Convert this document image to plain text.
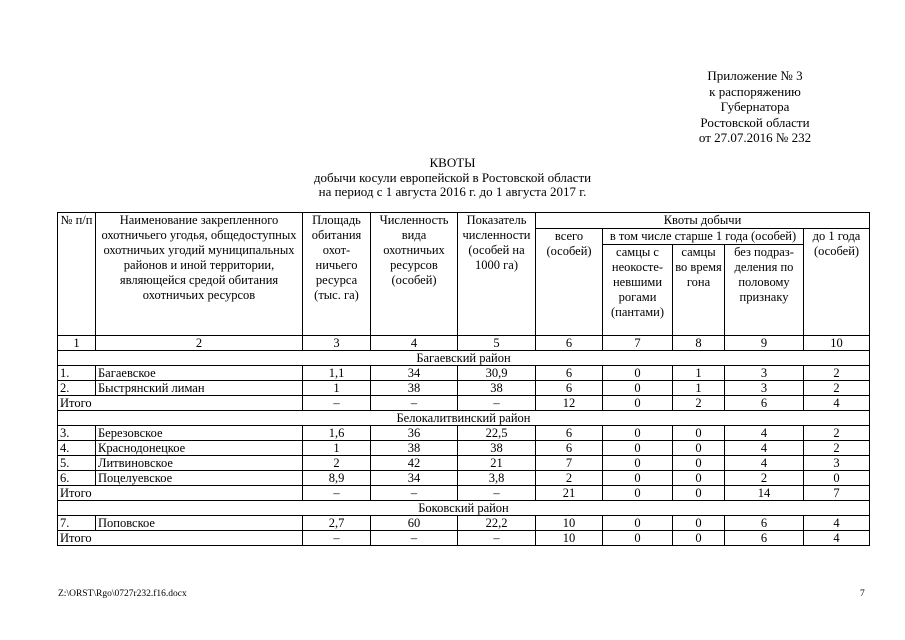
Приложение № 3
к распоряжению
Губернатора
Ростовской области
от 27.07.2016 № 232
КВОТЫ
добычи косули европейской в Ростовской области
на период с 1 августа 2016 г. до 1 августа 2017 г.
№ п/п	Наименование закрепленного охотничьего угодья, общедоступных охотничьих угодий муниципальных районов и иной территории, являющейся средой обитания охотничьих ресурсов	Площадь обитания охот-ничьего ресурса (тыс. га)	Численность вида охотничьих ресурсов (особей)	Показатель численности (особей на 1000 га)	Квоты добычи				
					всего (особей)	в том числе старше 1 года (особей)			до 1 года (особей)
						самцы с неокосте-невшими рогами (пантами)	самцы во время гона	без подраз-деления по половому признаку	
1	2	3	4	5	6	7	8	9	10
Багаевский район									
1.	Багаевское	1,1	34	30,9	6	0	1	3	2
2.	Быстрянский лиман	1	38	38	6	0	1	3	2
Итого		–	–	–	12	0	2	6	4
Белокалитвинский район									
3.	Березовское	1,6	36	22,5	6	0	0	4	2
4.	Краснодонецкое	1	38	38	6	0	0	4	2
5.	Литвиновское	2	42	21	7	0	0	4	3
6.	Поцелуевское	8,9	34	3,8	2	0	0	2	0
Итого		–	–	–	21	0	0	14	7
Боковский район									
7.	Поповское	2,7	60	22,2	10	0	0	6	4
Итого		–	–	–	10	0	0	6	4
Z:\ORST\Rgo\0727r232.f16.docx	7
